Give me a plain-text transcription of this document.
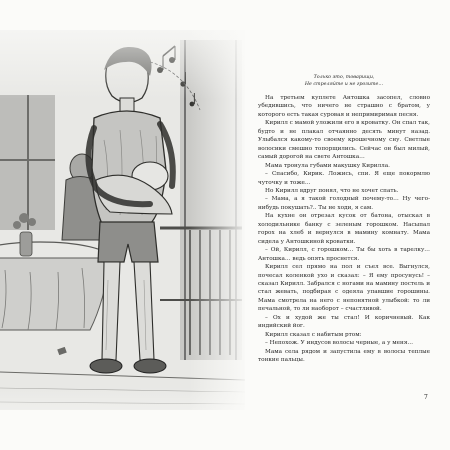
Только это, товарищи,
Не стреляйте и не грозите…

На третьем куплете Антошка засопел, словно убедившись, что ничего не страшно с братом, у которого есть такая суровая и непримиримая песня.

Кирилл с мамой уложили его в кроватку. Он спал так, будто и не плакал отчаянно десять минут назад. Улыбался какому-то своему крошечному сну. Светлые волосики смешно топорщились. Сейчас он был милый, самый дорогой на свете Антошка…

Мама тронула губами макушку Кирилла.

– Спасибо, Кирик. Ложись, спи. Я еще покормлю чуточку и тоже…

Но Кирилл вдруг понял, что не хочет спать.

– Мама, а я такой голодный почему-то… Ну чего-нибудь покушать?.. Ты не ходи, я сам.

На кухне он отрезал кусок от батона, отыскал в холодильнике банку с зеленым горошком. Насыпал горох на хлеб и вернулся в мамину комнату. Мама сидела у Антошкиной кроватки.

– Ой, Кирилл, с горошком… Ты бы хоть в тарелку… Антошка… ведь опять проснется.

Кирилл сел прямо на пол и съел все. Выгнулся, почесал коленкой ухо и сказал: – Я ему просунусь! – сказал Кирилл. Забрался с ногами на мамину постель и стал жевать, подбирая с одеяла упавшие горошины. Мама смотрела на него с непонятной улыбкой: то ли печальной, то ли наоборот – счастливой.

– Ох и худой же ты стал! И коричневый. Как индийский йог.

Кирилл сказал с набитым ртом:

– Непохож. У индусов волосы черные, а у меня…

Мама села рядом и запустила ему в волосы теплые тонкие пальцы.

7
